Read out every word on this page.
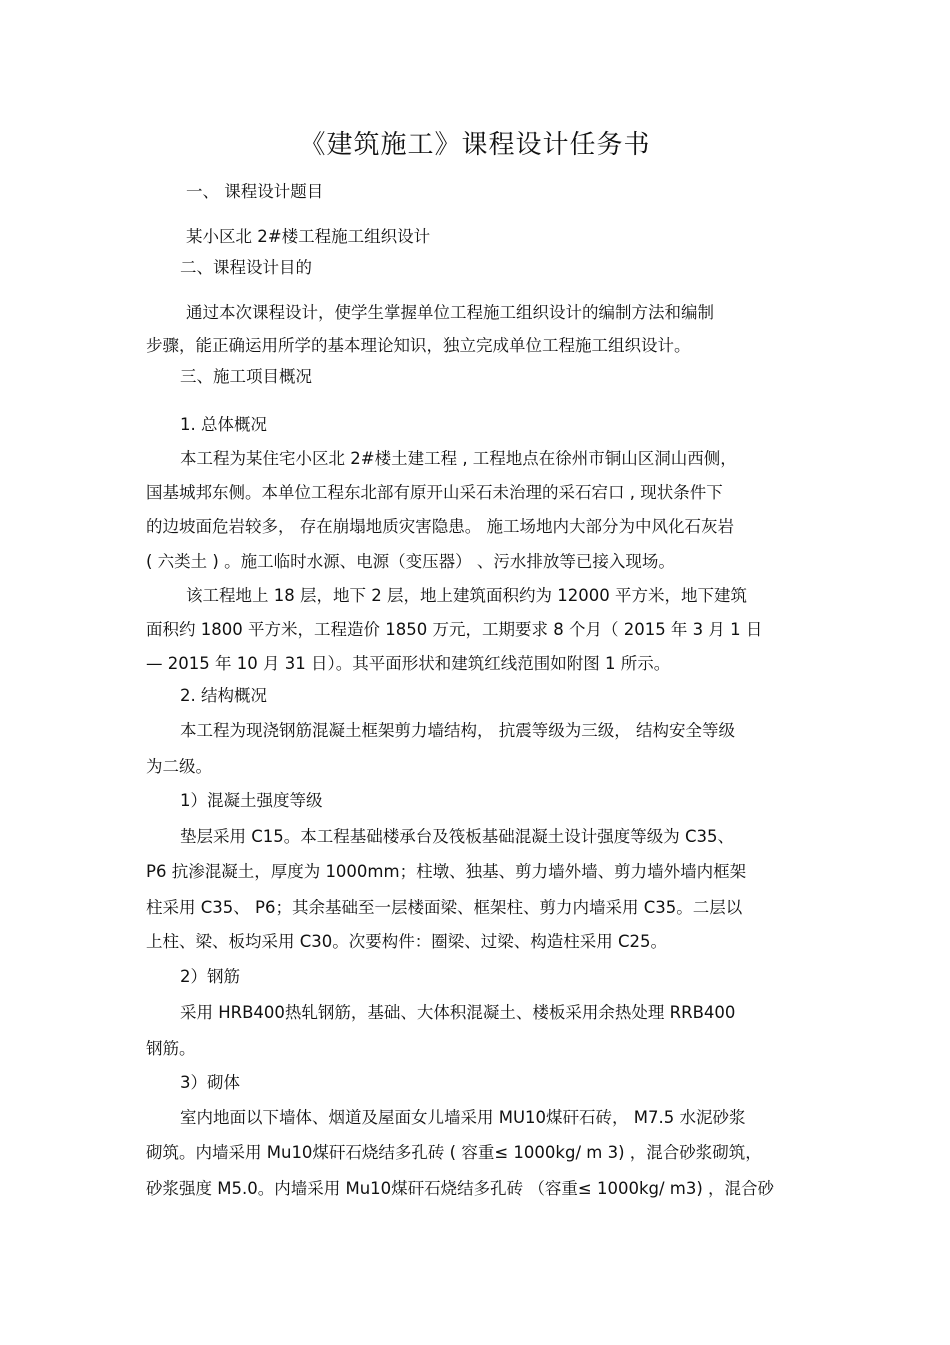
《建筑施工》课程设计任务书
一、 课程设计题目
某小区北 2#楼工程施工组织设计
二、课程设计目的
通过本次课程设计，使学生掌握单位工程施工组织设计的编制方法和编制
步骤，能正确运用所学的基本理论知识，独立完成单位工程施工组织设计。
三、施工项目概况
1. 总体概况
本工程为某住宅小区北 2#楼土建工程 , 工程地点在徐州市铜山区洞山西侧，
国基城邦东侧。本单位工程东北部有原开山采石未治理的采石宕口 , 现状条件下
的边坡面危岩较多， 存在崩塌地质灾害隐患。 施工场地内大部分为中风化石灰岩
( 六类土 ) 。施工临时水源、电源（变压器） 、污水排放等已接入现场。
该工程地上 18 层，地下 2 层，地上建筑面积约为 12000 平方米，地下建筑
面积约 1800 平方米，工程造价 1850 万元，工期要求 8 个月（ 2015 年 3 月 1 日
— 2015 年 10 月 31 日）。其平面形状和建筑红线范围如附图 1 所示。
2. 结构概况
本工程为现浇钢筋混凝土框架剪力墙结构， 抗震等级为三级， 结构安全等级
为二级。
1）混凝土强度等级
垫层采用 C15。本工程基础楼承台及筏板基础混凝土设计强度等级为 C35、
P6 抗渗混凝土，厚度为 1000mm；柱墩、独基、剪力墙外墙、剪力墙外墙内框架
柱采用 C35、 P6；其余基础至一层楼面梁、框架柱、剪力内墙采用 C35。二层以
上柱、梁、板均采用 C30。次要构件：圈梁、过梁、构造柱采用 C25。
2）钢筋
采用 HRB400热轧钢筋，基础、大体积混凝土、楼板采用余热处理 RRB400
钢筋。
3）砌体
室内地面以下墙体、烟道及屋面女儿墙采用 MU10煤矸石砖， M7.5 水泥砂浆
砌筑。内墙采用 Mu10煤矸石烧结多孔砖 ( 容重≤ 1000kg/ m 3) ，混合砂浆砌筑，
砂浆强度 M5.0。内墙采用 Mu10煤矸石烧结多孔砖 （容重≤ 1000kg/ m3) ，混合砂
